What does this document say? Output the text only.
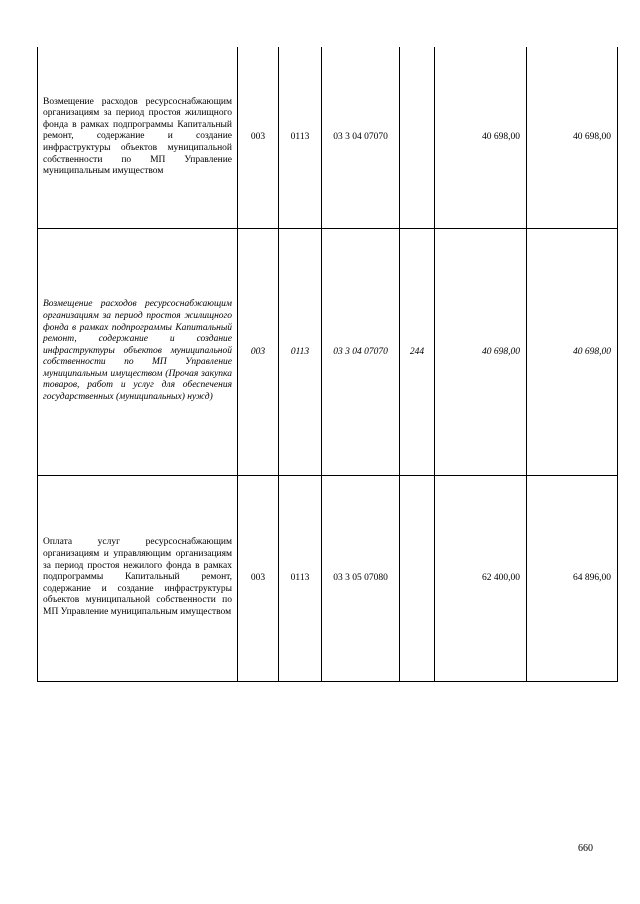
Возмещение расходов ресурсоснабжающим организациям за период простоя жилищного фонда в рамках подпрограммы Капитальный ремонт, содержание и создание инфраструктуры объектов муниципальной собственности по МП Управление муниципальным имуществом	003	0113	03 3 04 07070		40 698,00	40 698,00
Возмещение расходов ресурсоснабжающим организациям за период простоя жилищного фонда в рамках подпрограммы Капитальный ремонт, содержание и создание инфраструктуры объектов муниципальной собственности по МП Управление муниципальным имуществом (Прочая закупка товаров, работ и услуг для обеспечения государственных (муниципальных) нужд)	003	0113	03 3 04 07070	244	40 698,00	40 698,00
Оплата услуг ресурсоснабжающим организациям и управляющим организациям за период простоя нежилого фонда в рамках подпрограммы Капитальный ремонт, содержание и создание инфраструктуры объектов муниципальной собственности по МП Управление муниципальным имуществом	003	0113	03 3 05 07080		62 400,00	64 896,00
660
